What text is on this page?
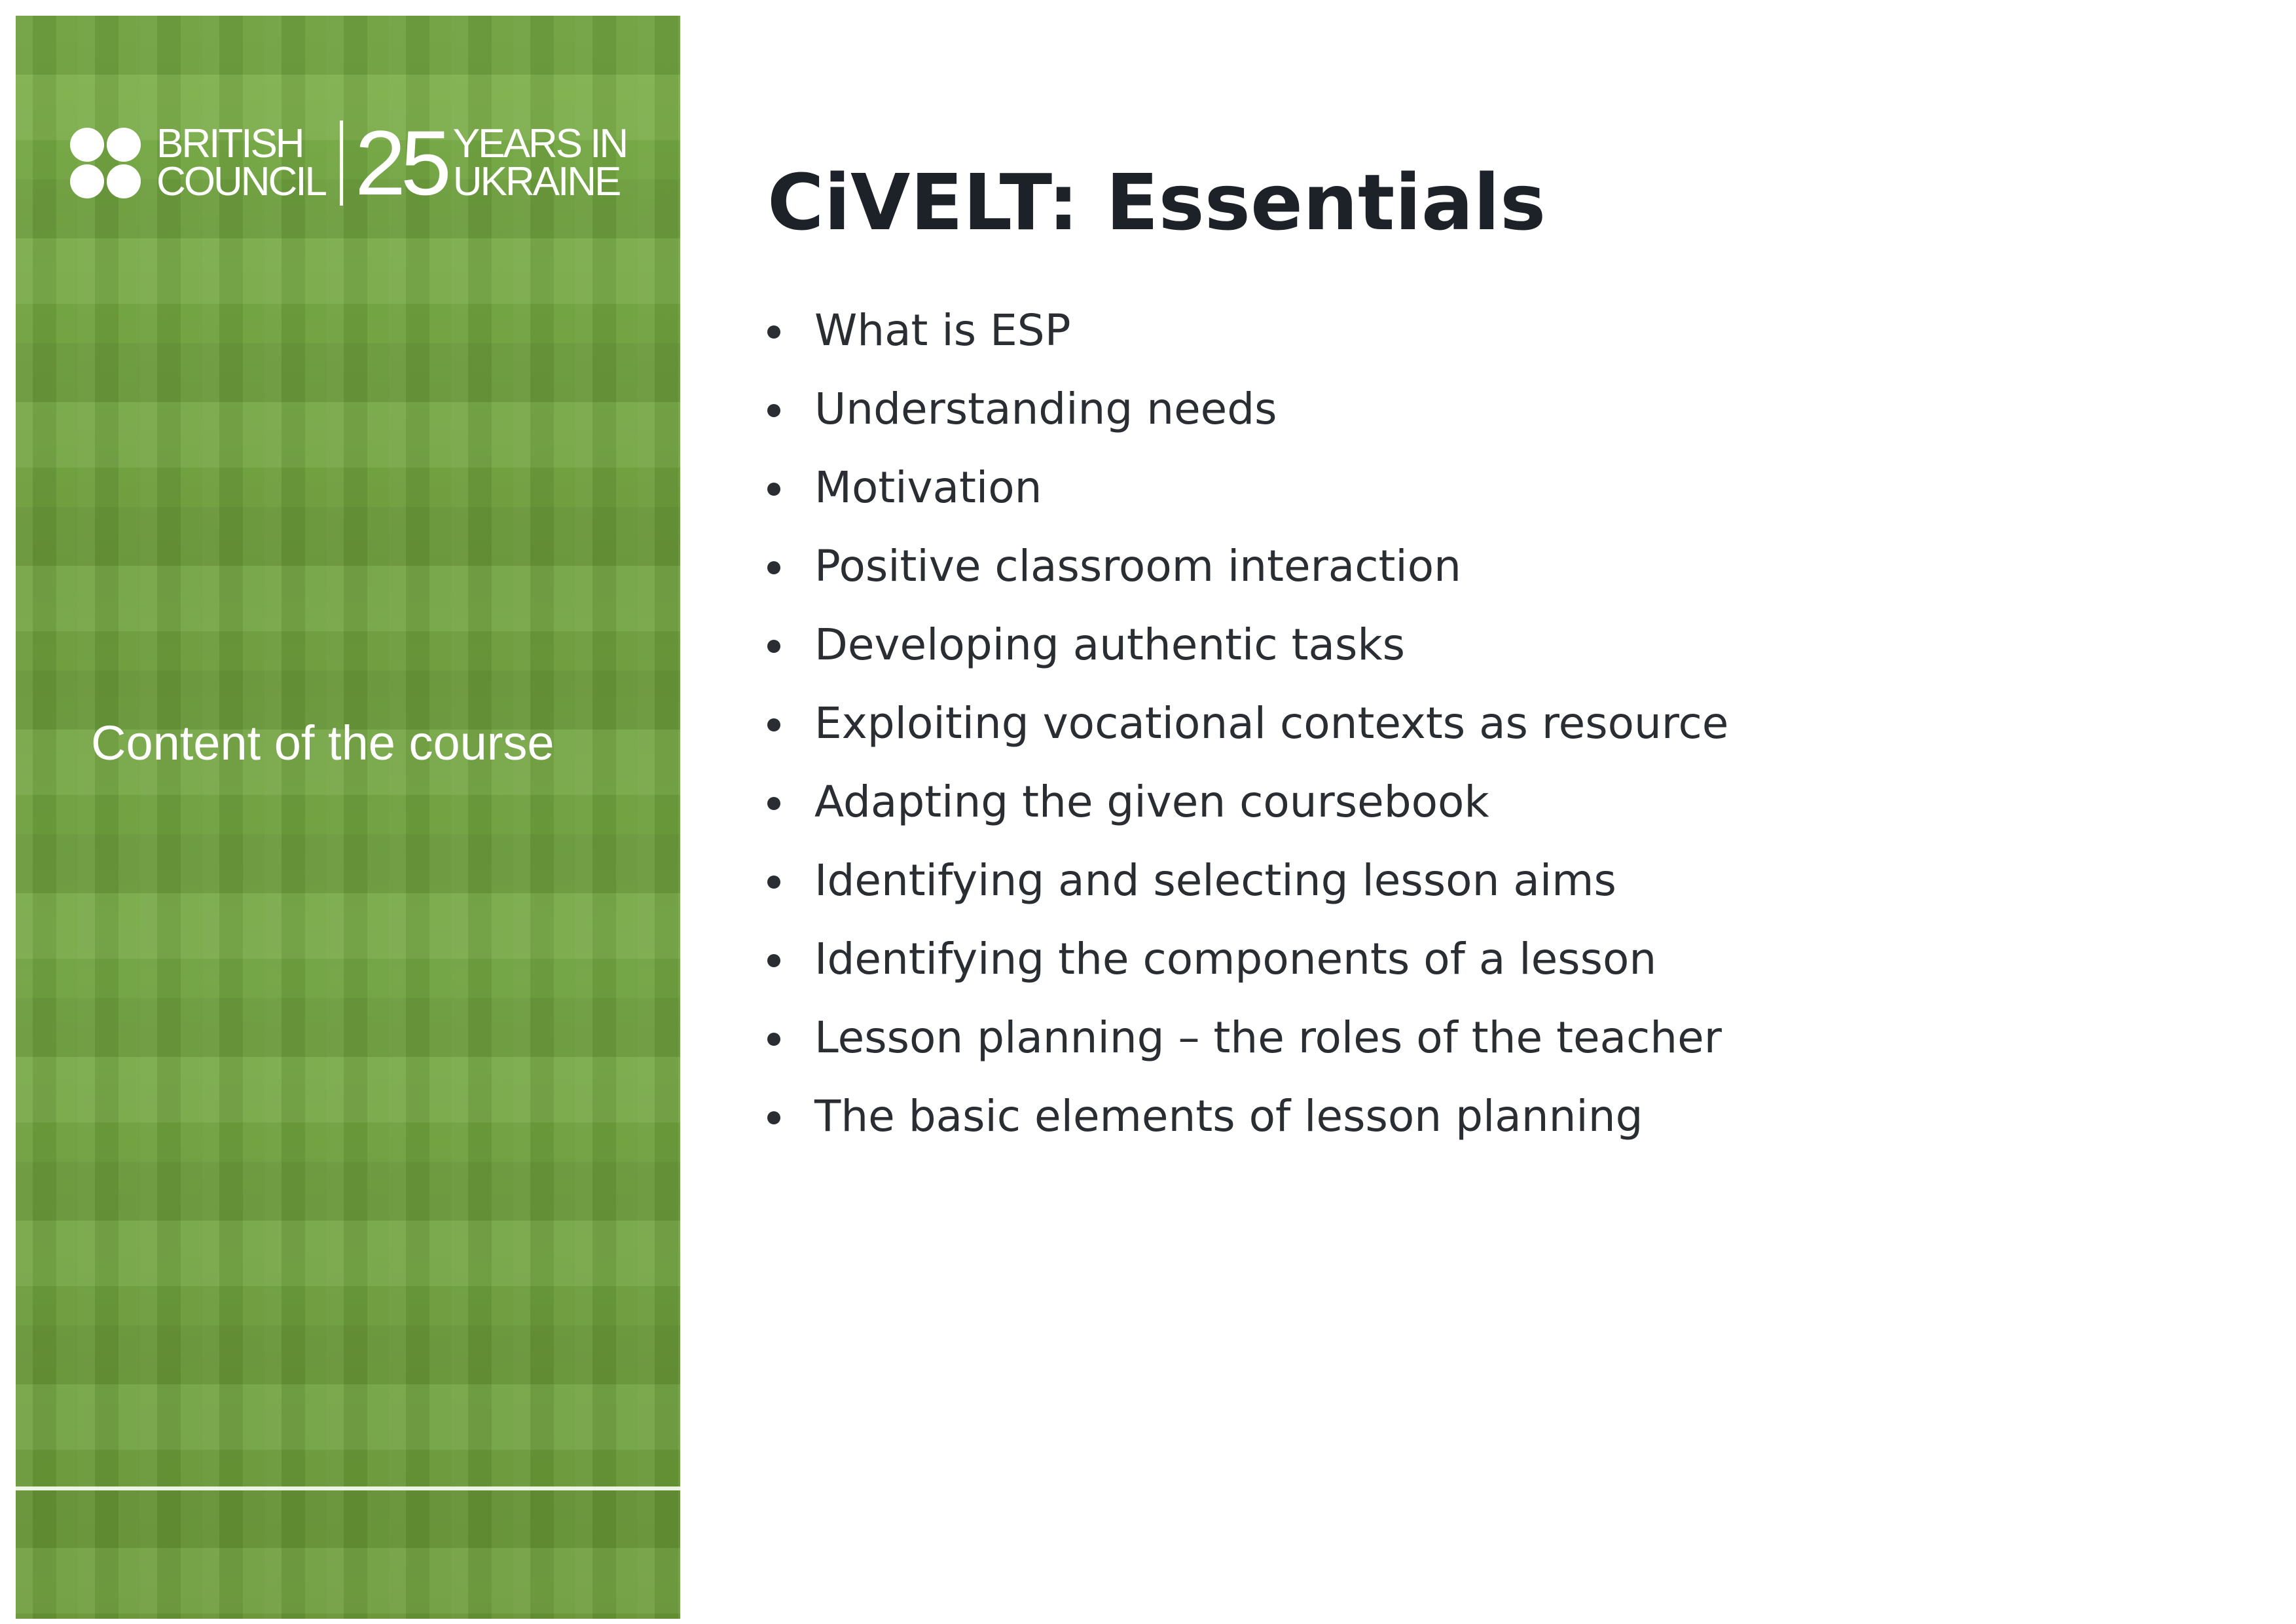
BRITISH
COUNCIL 25 YEARS IN
UKRAINE
Content of the course
CiVELT: Essentials
What is ESP
Understanding needs
Motivation
Positive classroom interaction
Developing authentic tasks
Exploiting vocational contexts as resource
Adapting the given coursebook
Identifying and selecting lesson aims
Identifying the components of a lesson
Lesson planning – the roles of the teacher
The basic elements of lesson planning
